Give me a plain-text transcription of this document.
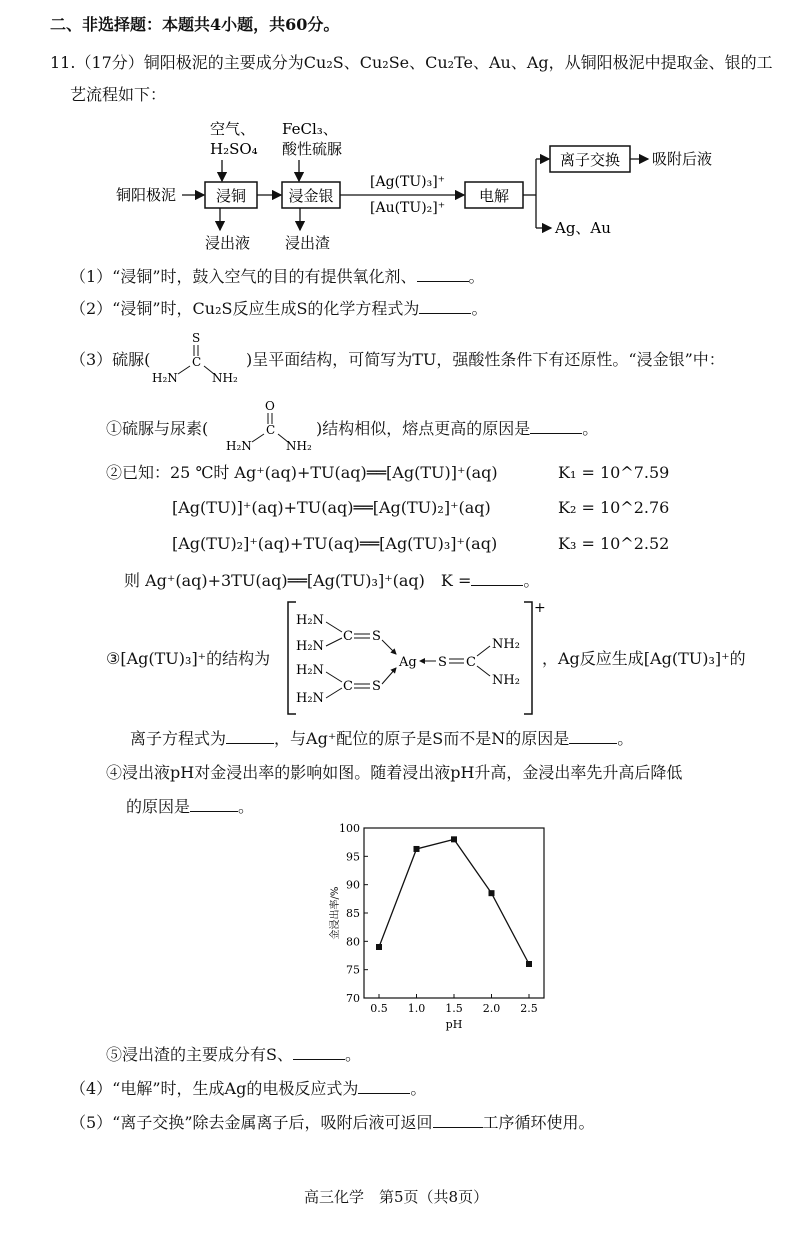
二、非选择题：本题共4小题，共60分。
11.（17分）铜阳极泥的主要成分为Cu₂S、Cu₂Se、Cu₂Te、Au、Ag，从铜阳极泥中提取金、银的工
艺流程如下：
铜阳极泥
空气、
H₂SO₄
FeCl₃、
酸性硫脲
浸铜	浸金银	电解
离子交换
浸出液 浸出渣
[Ag(TU)₃]⁺
[Au(TU)₂]⁺
吸附后液
Ag、Au
（1）“浸铜”时，鼓入空气的目的有提供氧化剂、	。
（2）“浸铜”时，Cu₂S反应生成S的化学方程式为	。
（3）硫脲(
S
C
H₂N	NH₂
)呈平面结构，可简写为TU，强酸性条件下有还原性。“浸金银”中：
①硫脲与尿素(
O
C
H₂N	NH₂
)结构相似，熔点更高的原因是	。
②已知：25 ℃时 Ag⁺(aq)+TU(aq)══[Ag(TU)]⁺(aq)	K₁ = 10^7.59
[Ag(TU)]⁺(aq)+TU(aq)══[Ag(TU)₂]⁺(aq)	K₂ = 10^2.76
[Ag(TU)₂]⁺(aq)+TU(aq)══[Ag(TU)₃]⁺(aq)	K₃ = 10^2.52
则 Ag⁺(aq)+3TU(aq)══[Ag(TU)₃]⁺(aq)　K =	。
③[Ag(TU)₃]⁺的结构为
+
H₂N
H₂N
H₂N
H₂N
C
C
S
S
Ag S C
NH₂
NH₂
，Ag反应生成[Ag(TU)₃]⁺的
离子方程式为	，与Ag⁺配位的原子是S而不是N的原因是	。
④浸出液pH对金浸出率的影响如图。随着浸出液pH升高，金浸出率先升高后降低
的原因是	。
金浸出率/%
pH
70
75
80
85
90
95
100
0.5 1.0 1.5 2.0 2.5
⑤浸出渣的主要成分有S、	。
（4）“电解”时，生成Ag的电极反应式为	。
（5）“离子交换”除去金属离子后，吸附后液可返回	工序循环使用。
高三化学　第5页（共8页）
